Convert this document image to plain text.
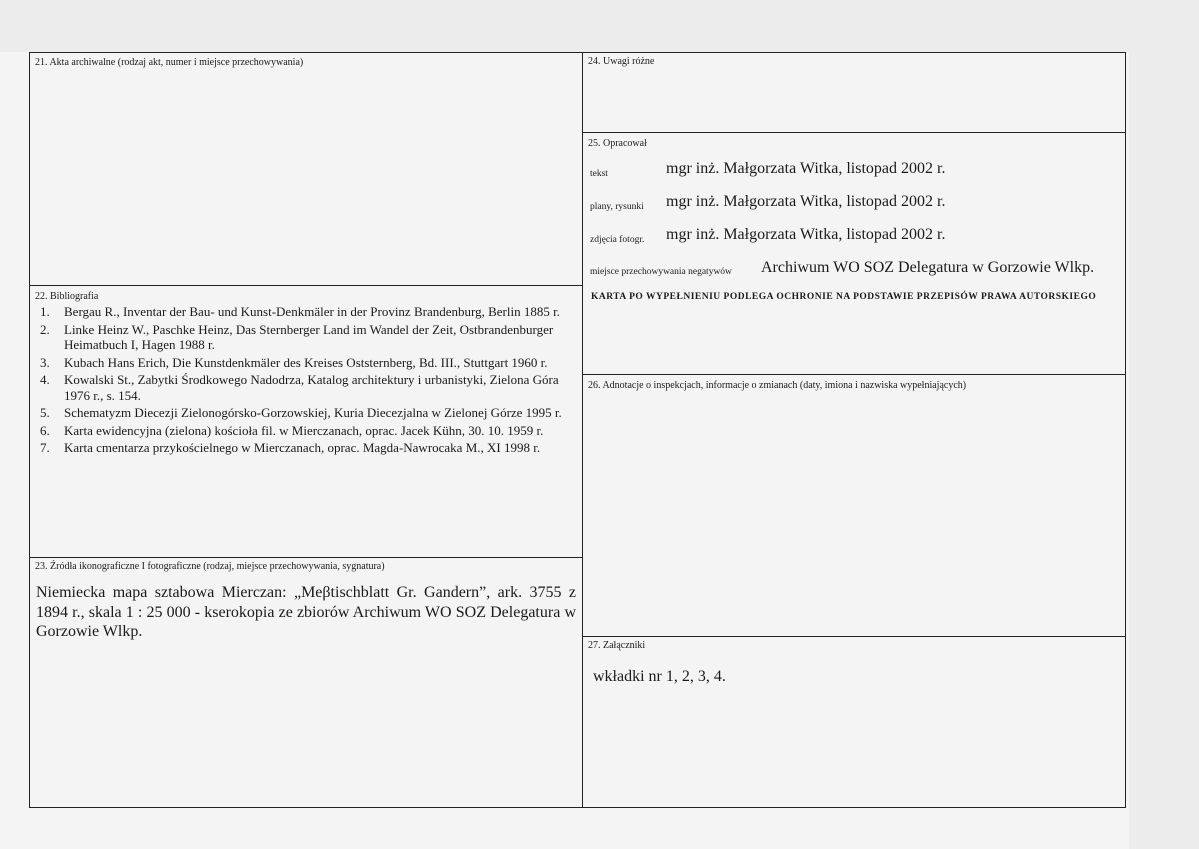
21. Akta archiwalne (rodzaj akt, numer i miejsce przechowywania)
22. Bibliografia
1. Bergau R., Inventar der Bau- und Kunst-Denkmäler in der Provinz Brandenburg, Berlin 1885 r.
2. Linke Heinz W., Paschke Heinz, Das Sternberger Land im Wandel der Zeit, Ostbrandenburger Heimatbuch I, Hagen 1988 r.
3. Kubach Hans Erich, Die Kunstdenkmäler des Kreises Oststernberg, Bd. III., Stuttgart 1960 r.
4. Kowalski St., Zabytki Środkowego Nadodrza, Katalog architektury i urbanistyki, Zielona Góra 1976 r., s. 154.
5. Schematyzm Diecezji Zielonogórsko-Gorzowskiej, Kuria Diecezjalna w Zielonej Górze 1995 r.
6. Karta ewidencyjna (zielona) kościoła fil. w Mierczanach, oprac. Jacek Kühn, 30. 10. 1959 r.
7. Karta cmentarza przykościelnego w Mierczanach, oprac. Magda-Nawrocaka M., XI 1998 r.
23. Źródła ikonograficzne I fotograficzne (rodzaj, miejsce przechowywania, sygnatura)
Niemiecka mapa sztabowa Mierczan: „Meβtischblatt Gr. Gandern”, ark. 3755 z 1894 r., skala 1 : 25 000 - kserokopia ze zbiorów Archiwum WO SOZ Delegatura w Gorzowie Wlkp.
24. Uwagi różne
25. Opracował
tekst	mgr inż. Małgorzata Witka, listopad 2002 r.
plany, rysunki mgr inż. Małgorzata Witka, listopad 2002 r.
zdjęcia fotogr. mgr inż. Małgorzata Witka, listopad 2002 r.
miejsce przechowywania negatywów Archiwum WO SOZ Delegatura w Gorzowie Wlkp.
KARTA PO WYPEŁNIENIU PODLEGA OCHRONIE NA PODSTAWIE PRZEPISÓW PRAWA AUTORSKIEGO
26. Adnotacje o inspekcjach, informacje o zmianach (daty, imiona i nazwiska wypełniających)
27. Załączniki
wkładki nr 1, 2, 3, 4.
